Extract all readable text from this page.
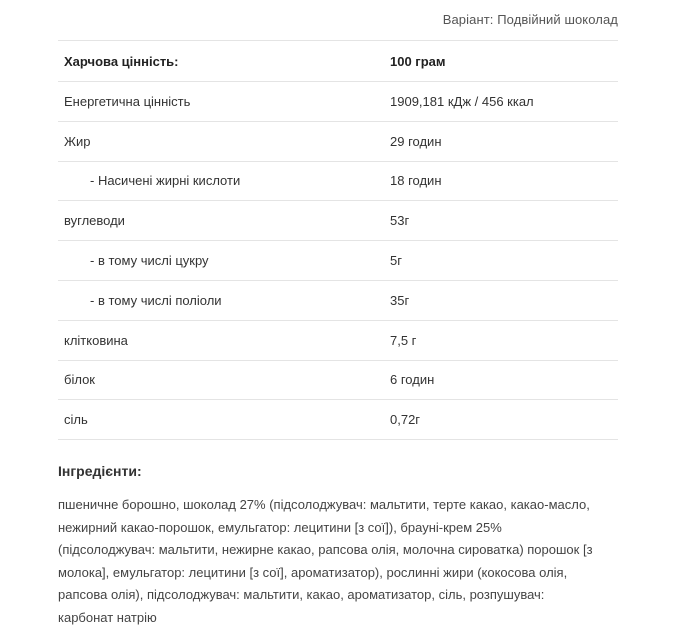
Варіант: Подвійний шоколад
Харчова цінність:	100 грам
Енергетична цінність	1909,181 кДж / 456 ккал
Жир	29 годин
- Насичені жирні кислоти	18 годин
вуглеводи	53г
- в тому числі цукру	5г
- в тому числі поліоли	35г
клітковина	7,5 г
білок	6 годин
сіль	0,72г
Інгредієнти:
пшеничне борошно, шоколад 27% (підсолоджувач: мальтити, терте какао, какао-масло, нежирний какао-порошок, емульгатор: лецитини [з сої]), брауні-крем 25% (підсолоджувач: мальтити, нежирне какао, рапсова олія, молочна сироватка) порошок [з молока], емульгатор: лецитини [з сої], ароматизатор), рослинні жири (кокосова олія, рапсова олія), підсолоджувач: мальтити, какао, ароматизатор, сіль, розпушувач: карбонат натрію
